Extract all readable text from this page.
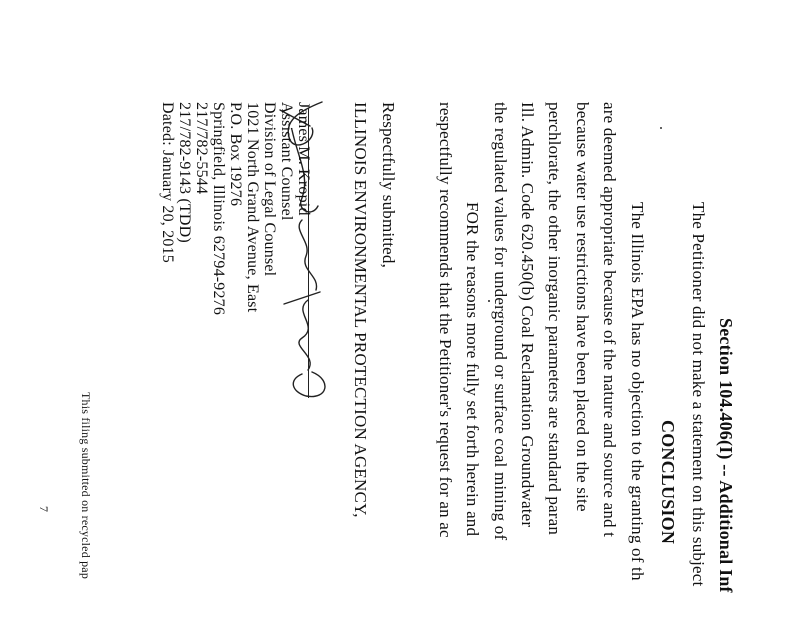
Section 104.406(I) -- Additional Inf
The Petitioner did not make a statement on this subject
CONCLUSION
The Illinois EPA has no objection to the granting of th
are deemed appropriate because of the nature and source and t
because water use restrictions have been placed on the site
perchlorate, the other inorganic parameters are standard paran
Ill. Admin. Code 620.450(b) Coal Reclamation Groundwater
the regulated values for underground or surface coal mining of
FOR the reasons more fully set forth herein and
respectfully recommends that the Petitioner's request for an ac
Respectfully submitted,
ILLINOIS ENVIRONMENTAL PROTECTION AGENCY,
James M. Kropid
Assistant Counsel
Division of Legal Counsel
1021 North Grand Avenue, East
P.O. Box 19276
Springfield, Illinois 62794-9276
217/782-5544
217/782-9143 (TDD)
Dated: January 20, 2015
This filing submitted on recycled pap
7
